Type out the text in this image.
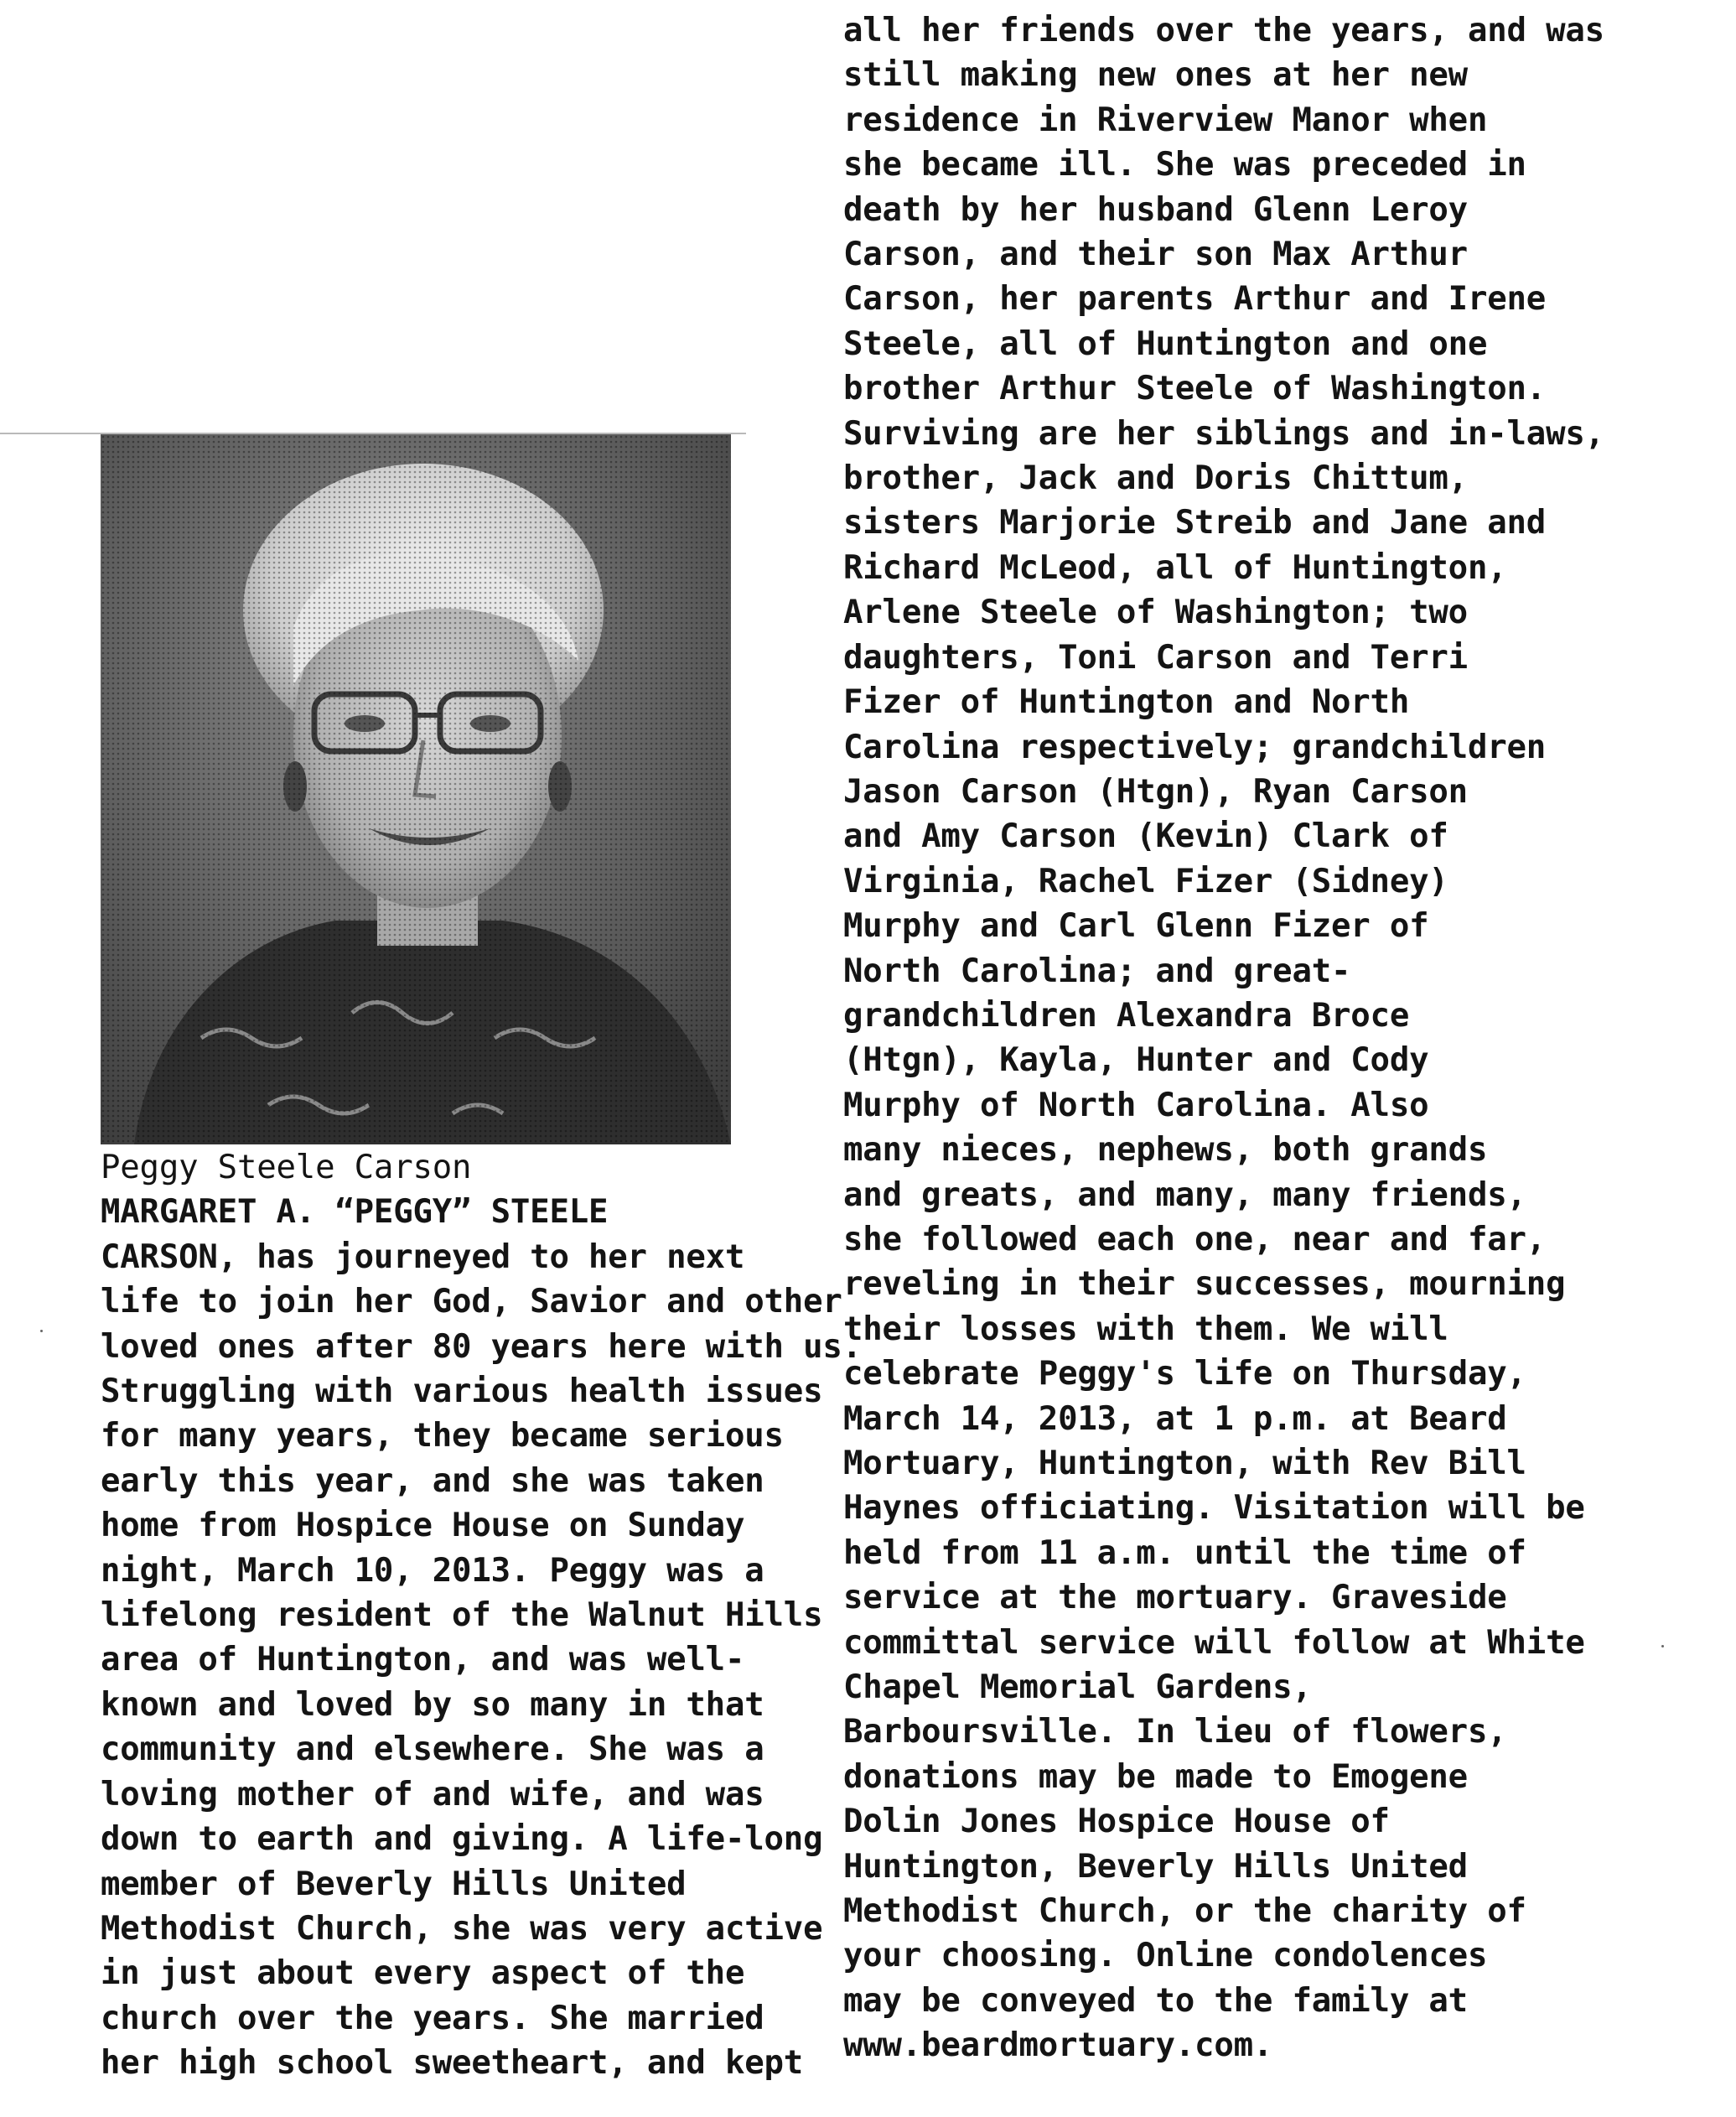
Peggy Steele Carson
MARGARET A. “PEGGY” STEELE
CARSON, has journeyed to her next
life to join her God, Savior and other
loved ones after 80 years here with us.
Struggling with various health issues
for many years, they became serious
early this year, and she was taken
home from Hospice House on Sunday
night, March 10, 2013. Peggy was a
lifelong resident of the Walnut Hills
area of Huntington, and was well-
known and loved by so many in that
community and elsewhere. She was a
loving mother of and wife, and was
down to earth and giving. A life-long
member of Beverly Hills United
Methodist Church, she was very active
in just about every aspect of the
church over the years. She married
her high school sweetheart, and kept
all her friends over the years, and was
still making new ones at her new
residence in Riverview Manor when
she became ill. She was preceded in
death by her husband Glenn Leroy
Carson, and their son Max Arthur
Carson, her parents Arthur and Irene
Steele, all of Huntington and one
brother Arthur Steele of Washington.
Surviving are her siblings and in-laws,
brother, Jack and Doris Chittum,
sisters Marjorie Streib and Jane and
Richard McLeod, all of Huntington,
Arlene Steele of Washington; two
daughters, Toni Carson and Terri
Fizer of Huntington and North
Carolina respectively; grandchildren
Jason Carson (Htgn), Ryan Carson
and Amy Carson (Kevin) Clark of
Virginia, Rachel Fizer (Sidney)
Murphy and Carl Glenn Fizer of
North Carolina; and great-
grandchildren Alexandra Broce
(Htgn), Kayla, Hunter and Cody
Murphy of North Carolina. Also
many nieces, nephews, both grands
and greats, and many, many friends,
she followed each one, near and far,
reveling in their successes, mourning
their losses with them. We will
celebrate Peggy's life on Thursday,
March 14, 2013, at 1 p.m. at Beard
Mortuary, Huntington, with Rev Bill
Haynes officiating. Visitation will be
held from 11 a.m. until the time of
service at the mortuary. Graveside
committal service will follow at White
Chapel Memorial Gardens,
Barboursville. In lieu of flowers,
donations may be made to Emogene
Dolin Jones Hospice House of
Huntington, Beverly Hills United
Methodist Church, or the charity of
your choosing. Online condolences
may be conveyed to the family at
www.beardmortuary.com.
